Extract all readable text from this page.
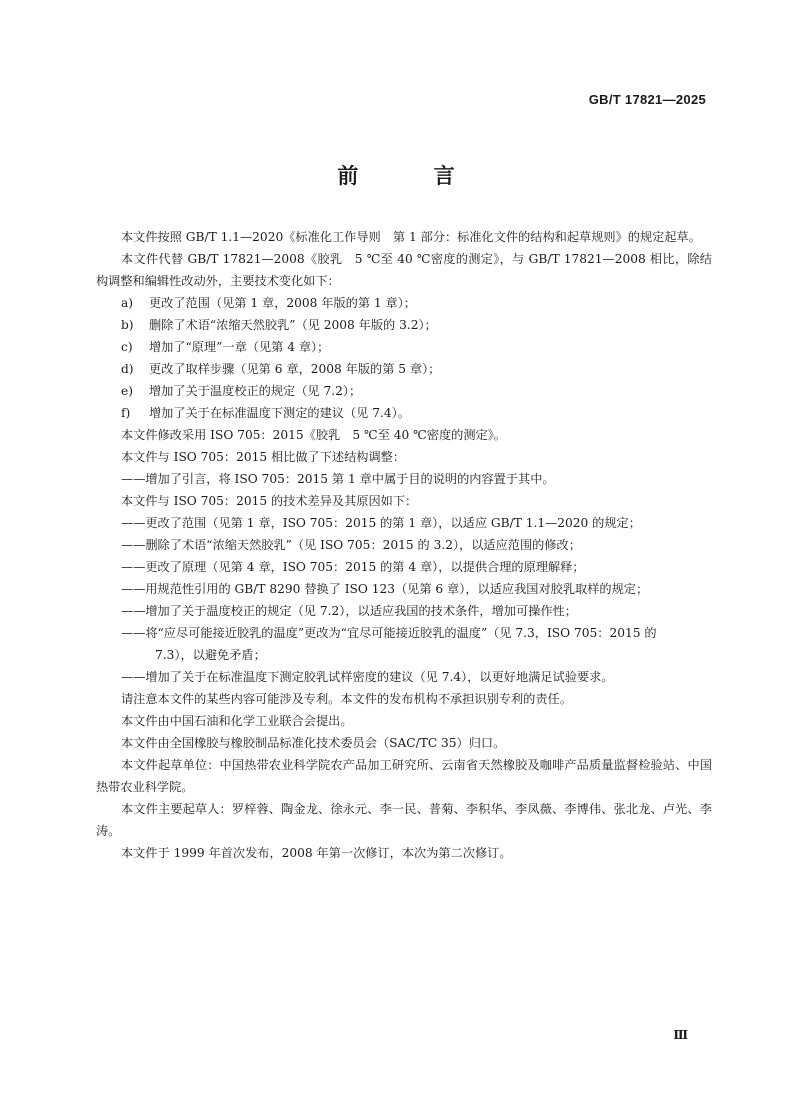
GB/T 17821—2025
前 言

本文件按照 GB/T 1.1—2020《标准化工作导则　第 1 部分：标准化文件的结构和起草规则》的规定起草。

本文件代替 GB/T 17821—2008《胶乳　5 ℃至 40 ℃密度的测定》，与 GB/T 17821—2008 相比，除结构调整和编辑性改动外，主要技术变化如下：

a)	更改了范围（见第 1 章，2008 年版的第 1 章）；

b)	删除了术语“浓缩天然胶乳”（见 2008 年版的 3.2）；

c)	增加了“原理”一章（见第 4 章）；

d)	更改了取样步骤（见第 6 章，2008 年版的第 5 章）；

e)	增加了关于温度校正的规定（见 7.2）；

f)	增加了关于在标准温度下测定的建议（见 7.4）。

本文件修改采用 ISO 705：2015《胶乳　5 ℃至 40 ℃密度的测定》。

本文件与 ISO 705：2015 相比做了下述结构调整：

——增加了引言，将 ISO 705：2015 第 1 章中属于目的说明的内容置于其中。

本文件与 ISO 705：2015 的技术差异及其原因如下：

——更改了范围（见第 1 章，ISO 705：2015 的第 1 章），以适应 GB/T 1.1—2020 的规定；

——删除了术语“浓缩天然胶乳”（见 ISO 705：2015 的 3.2），以适应范围的修改；

——更改了原理（见第 4 章，ISO 705：2015 的第 4 章），以提供合理的原理解释；

——用规范性引用的 GB/T 8290 替换了 ISO 123（见第 6 章），以适应我国对胶乳取样的规定；

——增加了关于温度校正的规定（见 7.2），以适应我国的技术条件，增加可操作性；

——将“应尽可能接近胶乳的温度”更改为“宜尽可能接近胶乳的温度”（见 7.3，ISO 705：2015 的
7.3），以避免矛盾；

——增加了关于在标准温度下测定胶乳试样密度的建议（见 7.4），以更好地满足试验要求。

请注意本文件的某些内容可能涉及专利。本文件的发布机构不承担识别专利的责任。

本文件由中国石油和化学工业联合会提出。

本文件由全国橡胶与橡胶制品标准化技术委员会（SAC/TC 35）归口。

本文件起草单位：中国热带农业科学院农产品加工研究所、云南省天然橡胶及咖啡产品质量监督检验站、中国热带农业科学院。

本文件主要起草人：罗梓蓉、陶金龙、徐永元、李一民、普菊、李积华、李凤薇、李博伟、张北龙、卢光、李涛。

本文件于 1999 年首次发布，2008 年第一次修订，本次为第二次修订。

Ⅲ
